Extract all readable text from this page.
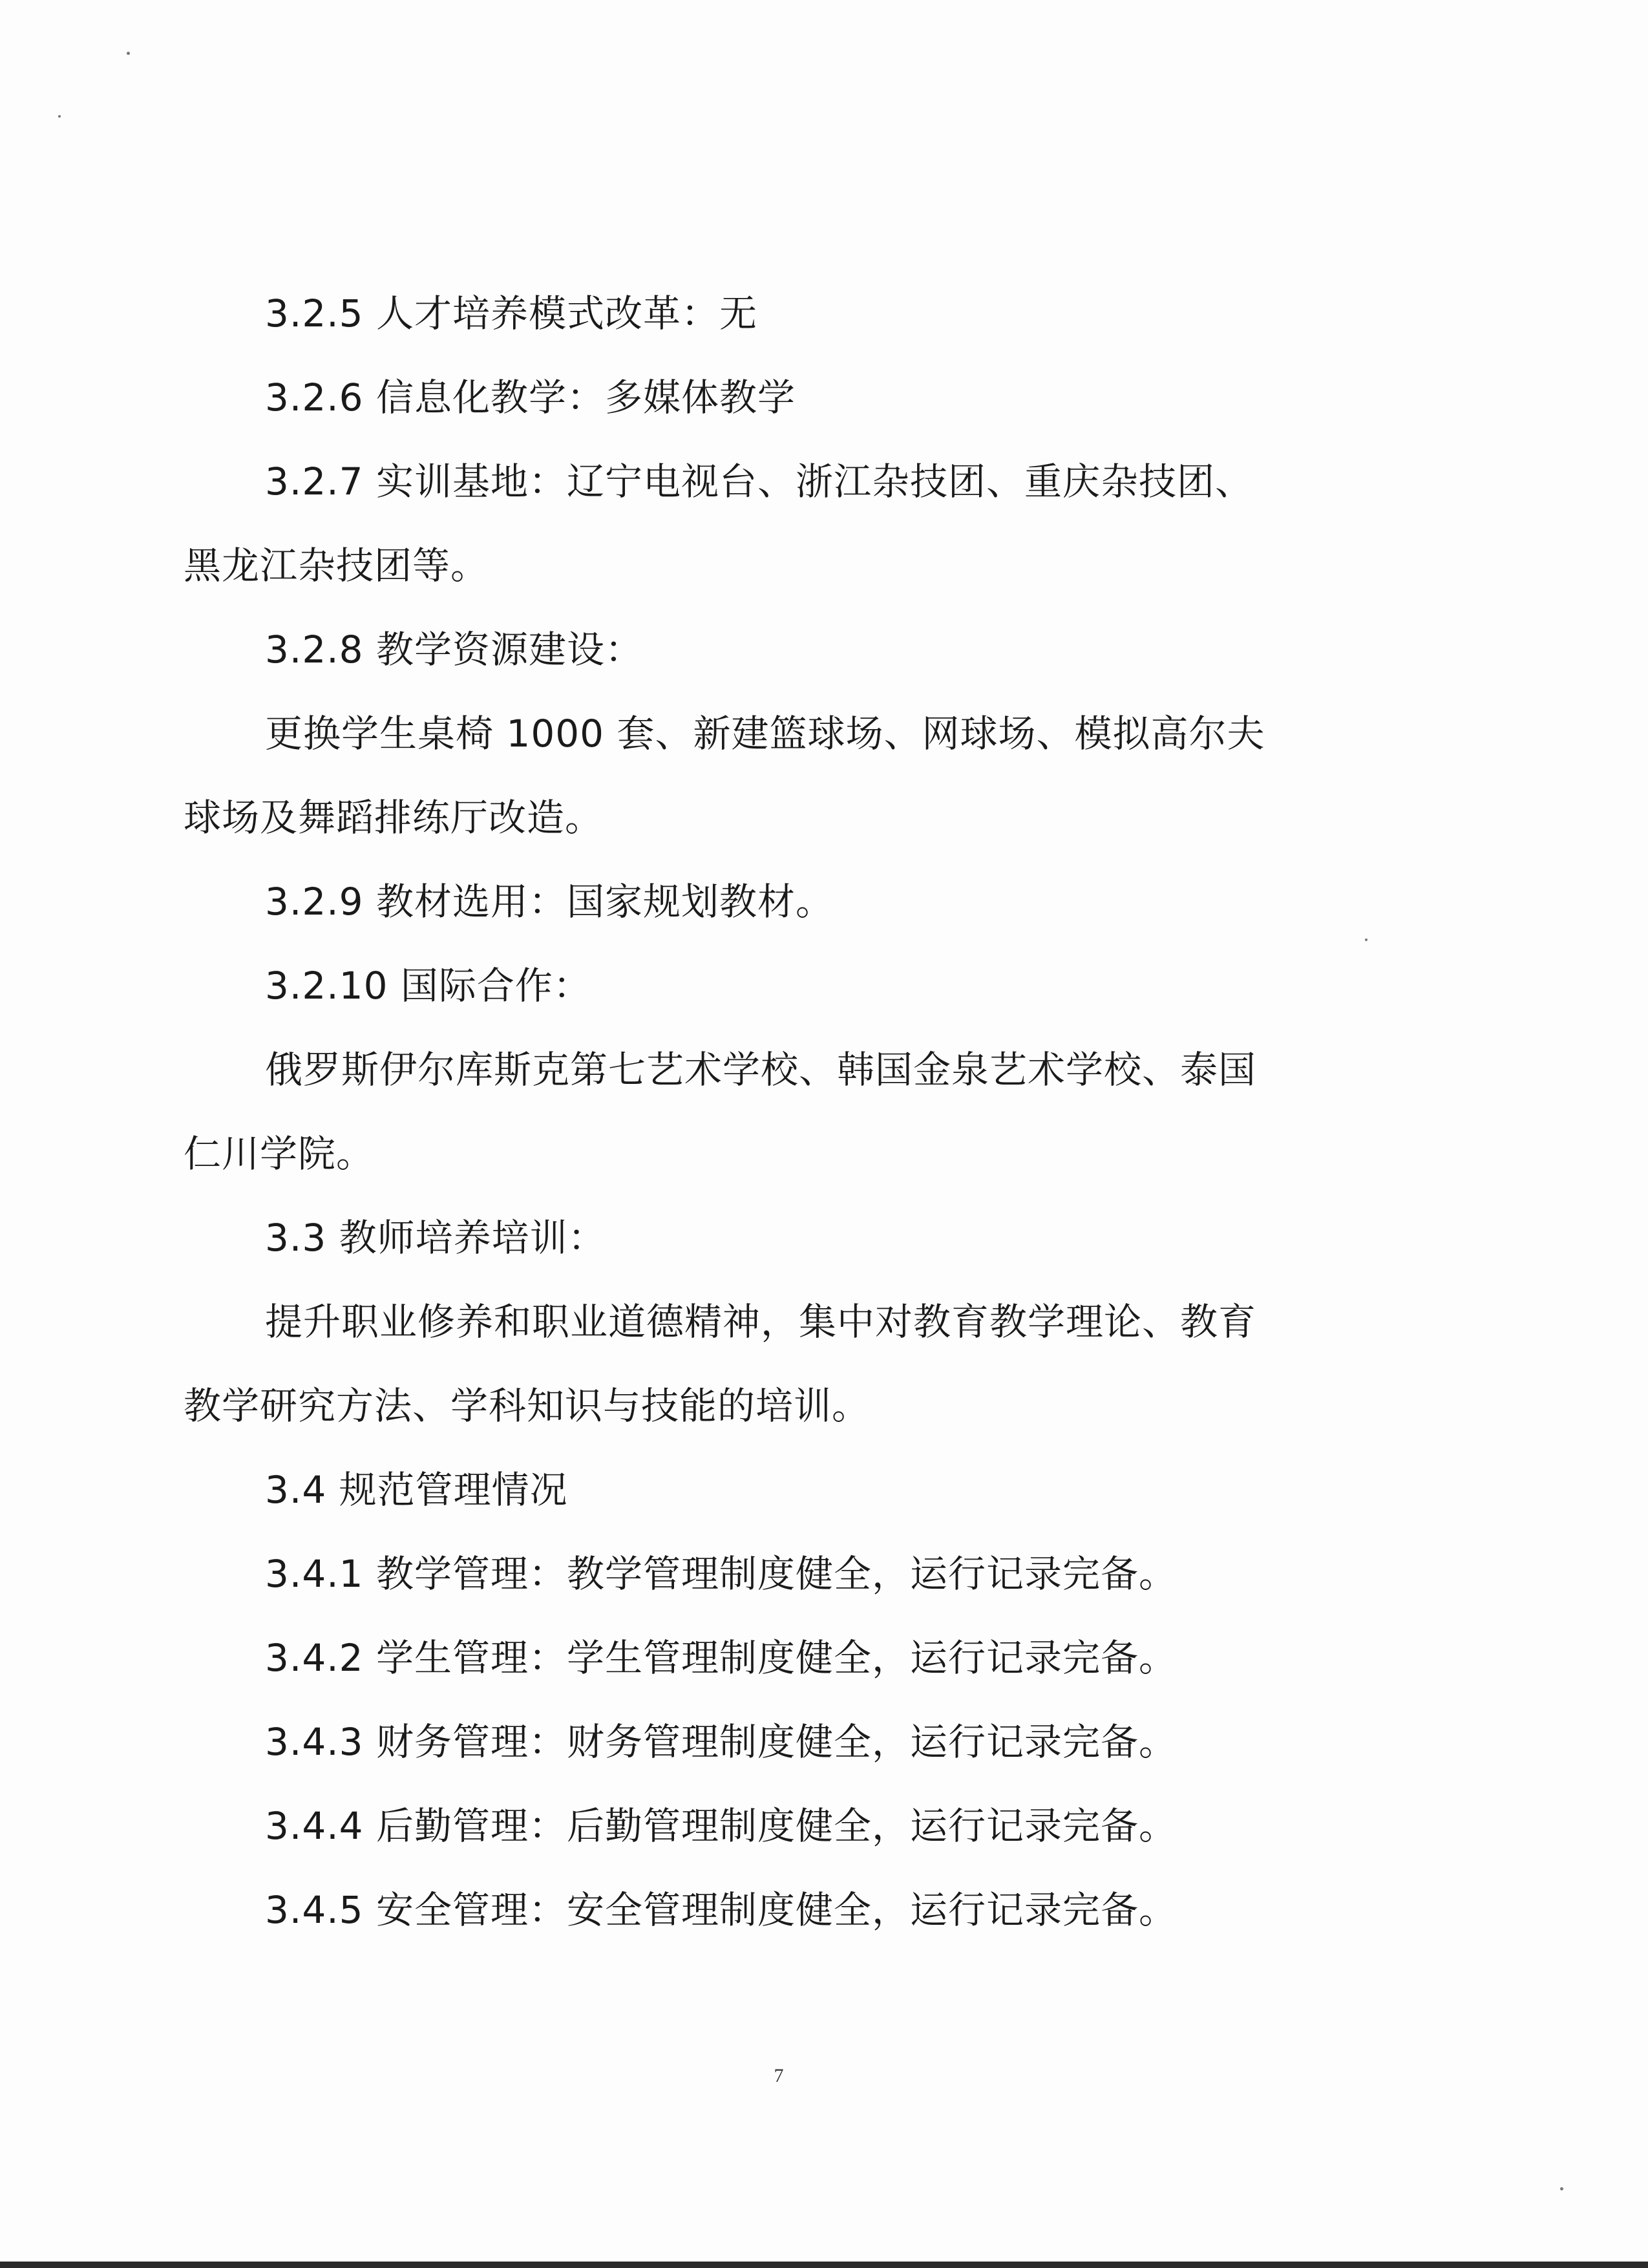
3.2.5 人才培养模式改革：无
3.2.6 信息化教学：多媒体教学
3.2.7 实训基地：辽宁电视台、浙江杂技团、重庆杂技团、
黑龙江杂技团等。
3.2.8 教学资源建设：
更换学生桌椅 1000 套、新建篮球场、网球场、模拟高尔夫
球场及舞蹈排练厅改造。
3.2.9 教材选用：国家规划教材。
3.2.10 国际合作：
俄罗斯伊尔库斯克第七艺术学校、韩国金泉艺术学校、泰国
仁川学院。
3.3 教师培养培训：
提升职业修养和职业道德精神，集中对教育教学理论、教育
教学研究方法、学科知识与技能的培训。
3.4 规范管理情况
3.4.1 教学管理：教学管理制度健全，运行记录完备。
3.4.2 学生管理：学生管理制度健全，运行记录完备。
3.4.3 财务管理：财务管理制度健全，运行记录完备。
3.4.4 后勤管理：后勤管理制度健全，运行记录完备。
3.4.5 安全管理：安全管理制度健全，运行记录完备。
7
